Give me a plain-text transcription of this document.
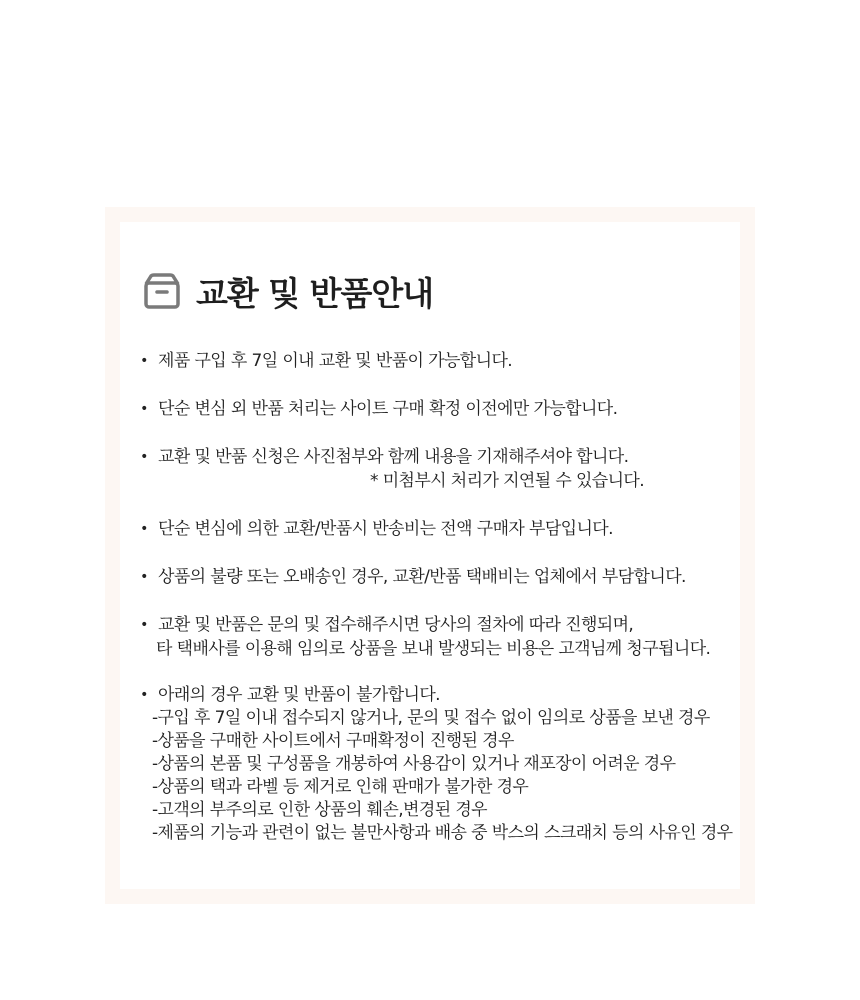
교환 및 반품안내
• 제품 구입 후 7일 이내 교환 및 반품이 가능합니다.
• 단순 변심 외 반품 처리는 사이트 구매 확정 이전에만 가능합니다.
• 교환 및 반품 신청은 사진첨부와 함께 내용을 기재해주셔야 합니다.
* 미첨부시 처리가 지연될 수 있습니다.
• 단순 변심에 의한 교환/반품시 반송비는 전액 구매자 부담입니다.
• 상품의 불량 또는 오배송인 경우, 교환/반품 택배비는 업체에서 부담합니다.
• 교환 및 반품은 문의 및 접수해주시면 당사의 절차에 따라 진행되며,
타 택배사를 이용해 임의로 상품을 보내 발생되는 비용은 고객님께 청구됩니다.
• 아래의 경우 교환 및 반품이 불가합니다.
-구입 후 7일 이내 접수되지 않거나, 문의 및 접수 없이 임의로 상품을 보낸 경우
-상품을 구매한 사이트에서 구매확정이 진행된 경우
-상품의 본품 및 구성품을 개봉하여 사용감이 있거나 재포장이 어려운 경우
-상품의 택과 라벨 등 제거로 인해 판매가 불가한 경우
-고객의 부주의로 인한 상품의 훼손,변경된 경우
-제품의 기능과 관련이 없는 불만사항과 배송 중 박스의 스크래치 등의 사유인 경우
